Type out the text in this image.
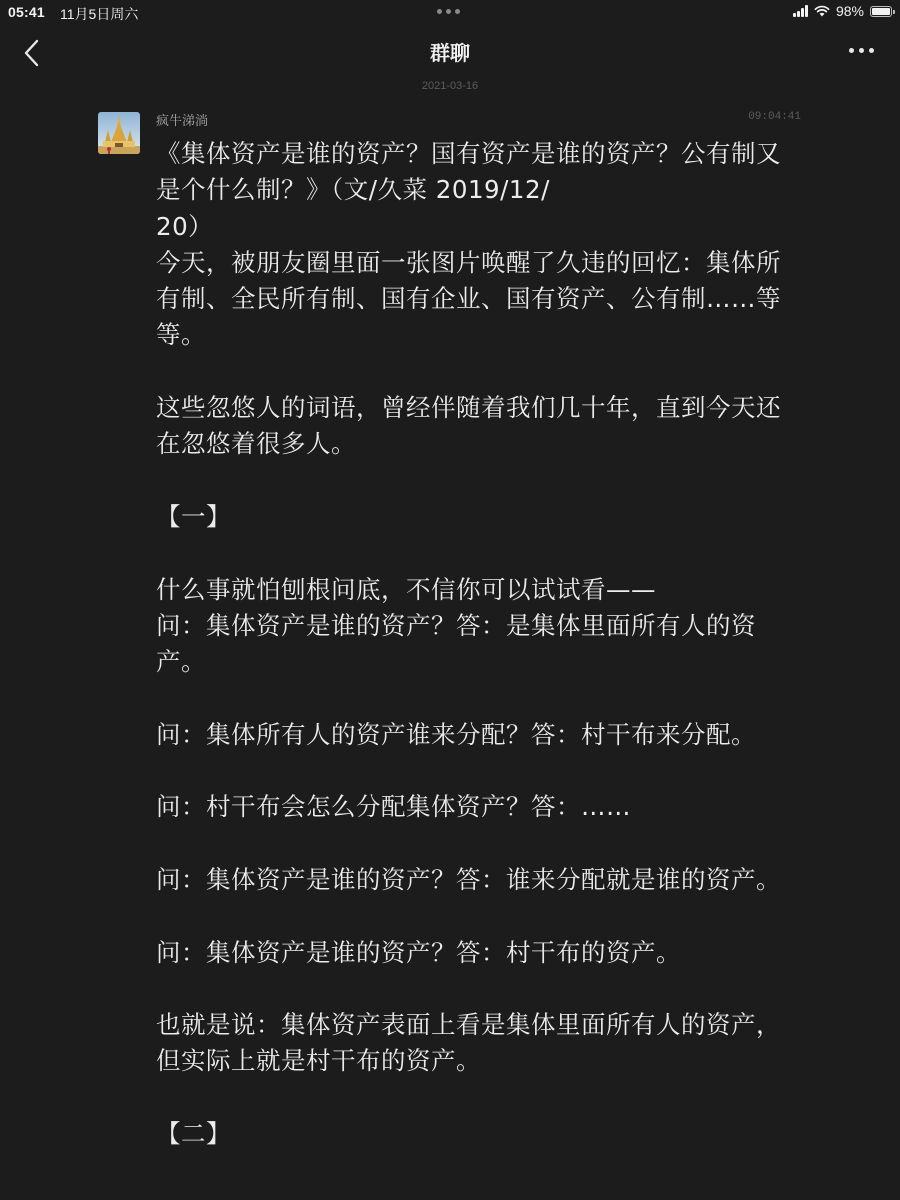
05:41 11月5日周六	98%
群聊
2021-03-16
疯牛涕淌	09:04:41
《集体资产是谁的资产？国有资产是谁的资产？公有制又是个什么制？》（文/久菜 2019/12/
20）
今天，被朋友圈里面一张图片唤醒了久违的回忆：集体所有制、全民所有制、国有企业、国有资产、公有制……等等。
这些忽悠人的词语，曾经伴随着我们几十年，直到今天还在忽悠着很多人。
【一】
什么事就怕刨根问底，不信你可以试试看——
问：集体资产是谁的资产？答：是集体里面所有人的资产。
问：集体所有人的资产谁来分配？答：村干布来分配。
问：村干布会怎么分配集体资产？答：……
问：集体资产是谁的资产？答：谁来分配就是谁的资产。
问：集体资产是谁的资产？答：村干布的资产。
也就是说：集体资产表面上看是集体里面所有人的资产，但实际上就是村干布的资产。
【二】
